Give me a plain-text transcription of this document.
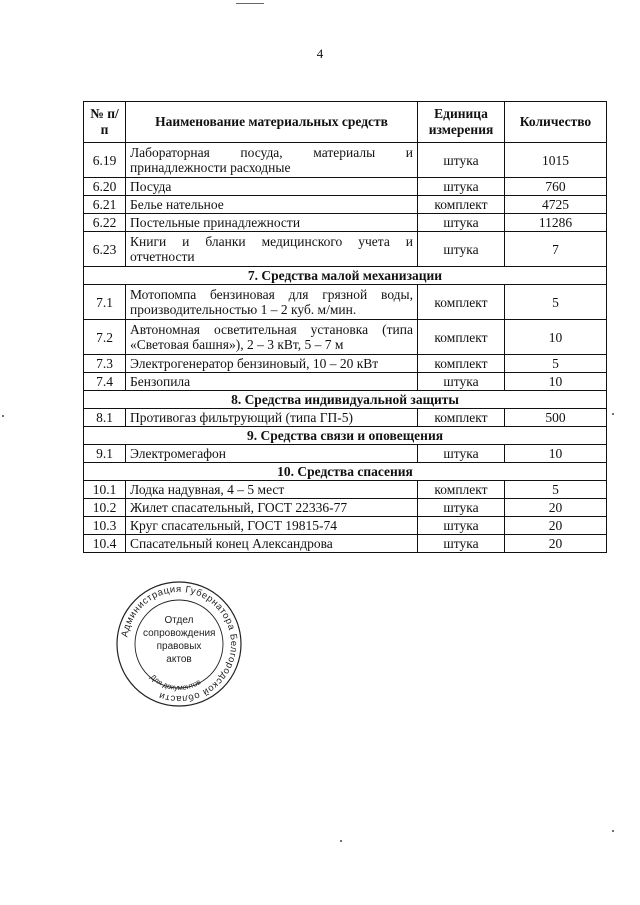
4
№ п/п	Наименование материальных средств	Единица измерения	Количество
6.19	Лабораторная посуда, материалы и принадлежности расходные	штука	1015
6.20	Посуда	штука	760
6.21	Белье нательное	комплект	4725
6.22	Постельные принадлежности	штука	11286
6.23	Книги и бланки медицинского учета и отчетности	штука	7
7. Средства малой механизации			
7.1	Мотопомпа бензиновая для грязной воды, производительностью 1 – 2 куб. м/мин.	комплект	5
7.2	Автономная осветительная установка (типа «Световая башня»), 2 – 3 кВт, 5 – 7 м	комплект	10
7.3	Электрогенератор бензиновый, 10 – 20 кВт	комплект	5
7.4	Бензопила	штука	10
8. Средства индивидуальной защиты			
8.1	Противогаз фильтрующий (типа ГП-5)	комплект	500
9. Средства связи и оповещения			
9.1	Электромегафон	штука	10
10. Средства спасения			
10.1	Лодка надувная, 4 – 5 мест	комплект	5
10.2	Жилет спасательный, ГОСТ 22336-77	штука	20
10.3	Круг спасательный, ГОСТ 19815-74	штука	20
10.4	Спасательный конец Александрова	штука	20
Администрация Губернатора Белгородской области
Для документов
Отдел
сопровождения
правовых
актов
